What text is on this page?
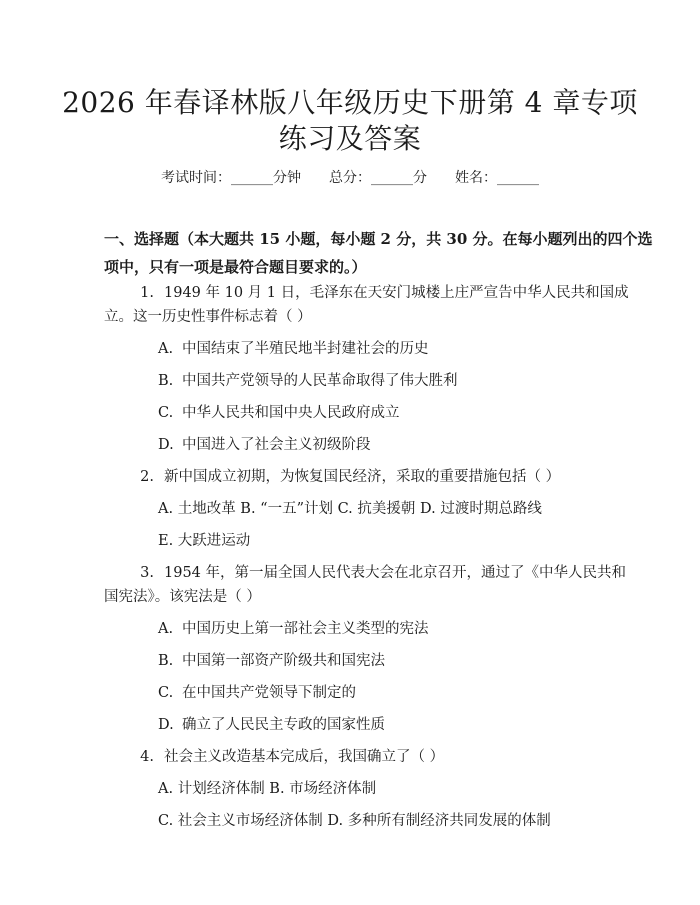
2026 年春译林版八年级历史下册第 4 章专项
练习及答案
考试时间：______分钟　　总分：______分　　姓名：______
一、选择题（本大题共 15 小题，每小题 2 分，共 30 分。在每小题列出的四个选
项中，只有一项是最符合题目要求的。）
1. 1949 年 10 月 1 日，毛泽东在天安门城楼上庄严宣告中华人民共和国成
立。这一历史性事件标志着（ ）
A. 中国结束了半殖民地半封建社会的历史
B. 中国共产党领导的人民革命取得了伟大胜利
C. 中华人民共和国中央人民政府成立
D. 中国进入了社会主义初级阶段
2. 新中国成立初期，为恢复国民经济，采取的重要措施包括（ ）
A. 土地改革 B. “一五”计划 C. 抗美援朝 D. 过渡时期总路线
E. 大跃进运动
3. 1954 年，第一届全国人民代表大会在北京召开，通过了《中华人民共和
国宪法》。该宪法是（ ）
A. 中国历史上第一部社会主义类型的宪法
B. 中国第一部资产阶级共和国宪法
C. 在中国共产党领导下制定的
D. 确立了人民民主专政的国家性质
4. 社会主义改造基本完成后，我国确立了（ ）
A. 计划经济体制 B. 市场经济体制
C. 社会主义市场经济体制 D. 多种所有制经济共同发展的体制
